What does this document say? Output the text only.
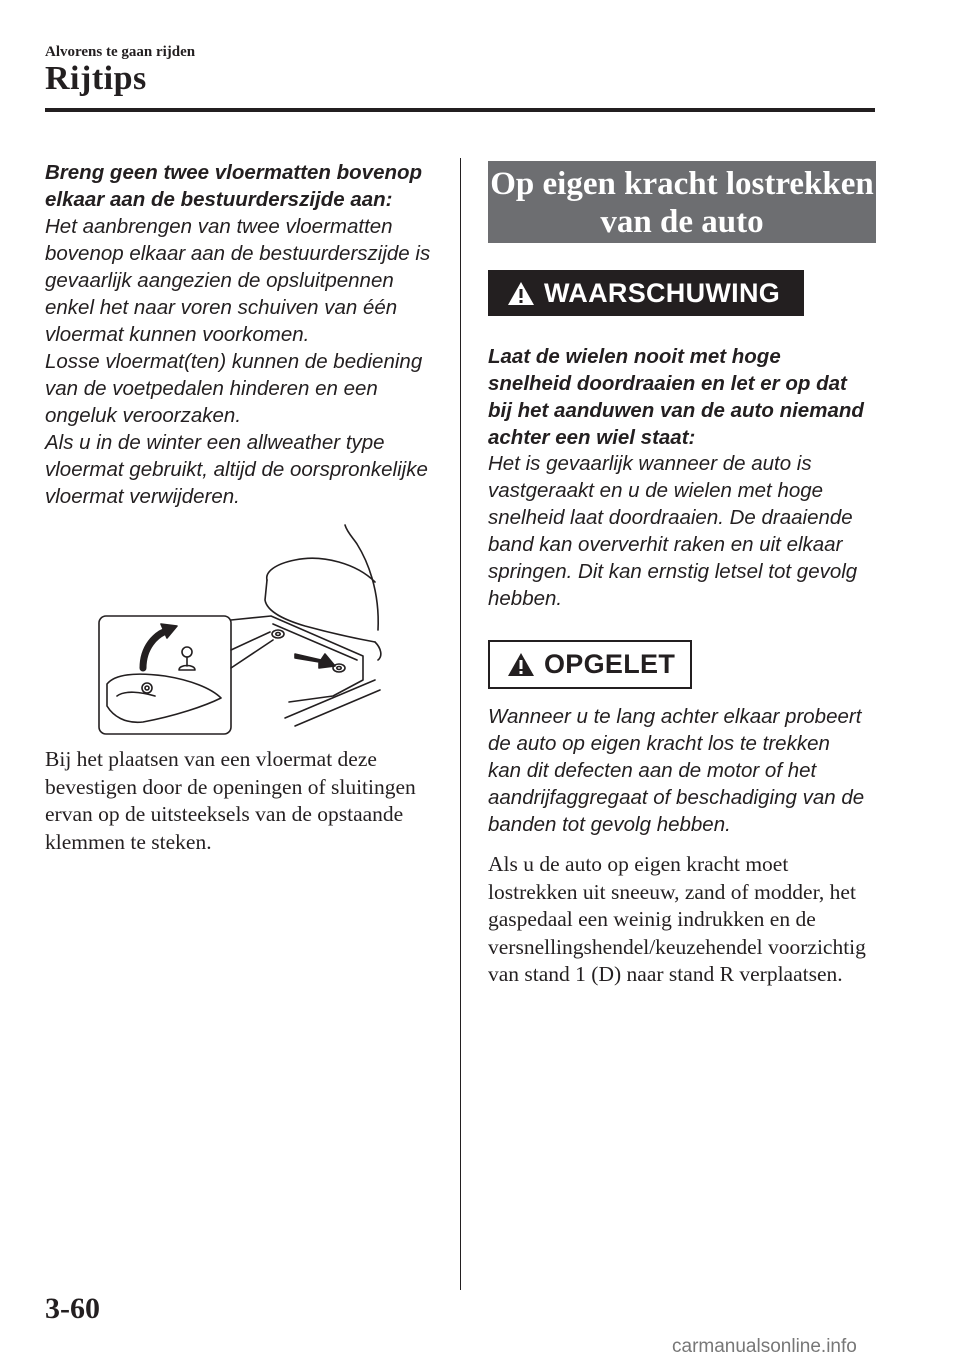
Alvorens te gaan rijden
Rijtips
Breng geen twee vloermatten bovenop elkaar aan de bestuurderszijde aan:
Het aanbrengen van twee vloermatten bovenop elkaar aan de bestuurderszijde is gevaarlijk aangezien de opsluitpennen enkel het naar voren schuiven van één vloermat kunnen voorkomen.
Losse vloermat(ten) kunnen de bediening van de voetpedalen hinderen en een ongeluk veroorzaken.
Als u in de winter een allweather type vloermat gebruikt, altijd de oorspronkelijke vloermat verwijderen.
Bij het plaatsen van een vloermat deze bevestigen door de openingen of sluitingen ervan op de uitsteeksels van de opstaande klemmen te steken.
Op eigen kracht lostrekken van de auto
WAARSCHUWING
Laat de wielen nooit met hoge snelheid doordraaien en let er op dat bij het aanduwen van de auto niemand achter een wiel staat:
Het is gevaarlijk wanneer de auto is vastgeraakt en u de wielen met hoge snelheid laat doordraaien. De draaiende band kan oververhit raken en uit elkaar springen. Dit kan ernstig letsel tot gevolg hebben.
OPGELET
Wanneer u te lang achter elkaar probeert de auto op eigen kracht los te trekken kan dit defecten aan de motor of het aandrijfaggregaat of beschadiging van de banden tot gevolg hebben.
Als u de auto op eigen kracht moet lostrekken uit sneeuw, zand of modder, het gaspedaal een weinig indrukken en de versnellingshendel/keuzehendel voorzichtig van stand 1 (D) naar stand R verplaatsen.
3-60
carmanualsonline.info
